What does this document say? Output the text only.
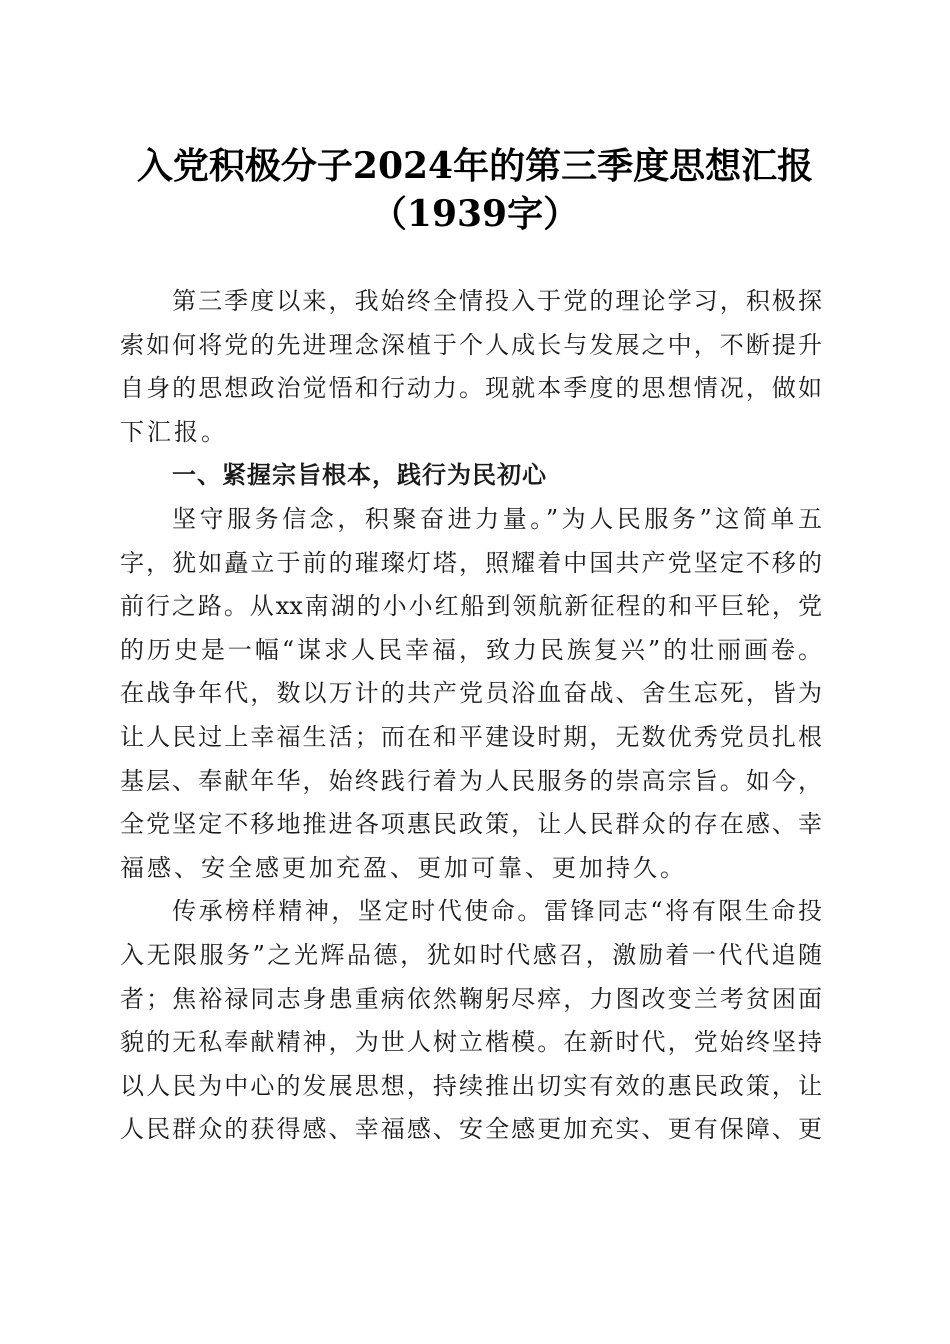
入党积极分子2024年的第三季度思想汇报
（1939字）
第三季度以来，我始终全情投入于党的理论学习，积极探
索如何将党的先进理念深植于个人成长与发展之中，不断提升
自身的思想政治觉悟和行动力。现就本季度的思想情况，做如
下汇报。
一、紧握宗旨根本，践行为民初心
坚守服务信念，积聚奋进力量。”为人民服务”这简单五
字，犹如矗立于前的璀璨灯塔，照耀着中国共产党坚定不移的
前行之路。从xx南湖的小小红船到领航新征程的和平巨轮，党
的历史是一幅“谋求人民幸福，致力民族复兴”的壮丽画卷。
在战争年代，数以万计的共产党员浴血奋战、舍生忘死，皆为
让人民过上幸福生活；而在和平建设时期，无数优秀党员扎根
基层、奉献年华，始终践行着为人民服务的崇高宗旨。如今，
全党坚定不移地推进各项惠民政策，让人民群众的存在感、幸
福感、安全感更加充盈、更加可靠、更加持久。
传承榜样精神，坚定时代使命。雷锋同志“将有限生命投
入无限服务”之光辉品德，犹如时代感召，激励着一代代追随
者；焦裕禄同志身患重病依然鞠躬尽瘁，力图改变兰考贫困面
貌的无私奉献精神，为世人树立楷模。在新时代，党始终坚持
以人民为中心的发展思想，持续推出切实有效的惠民政策，让
人民群众的获得感、幸福感、安全感更加充实、更有保障、更
